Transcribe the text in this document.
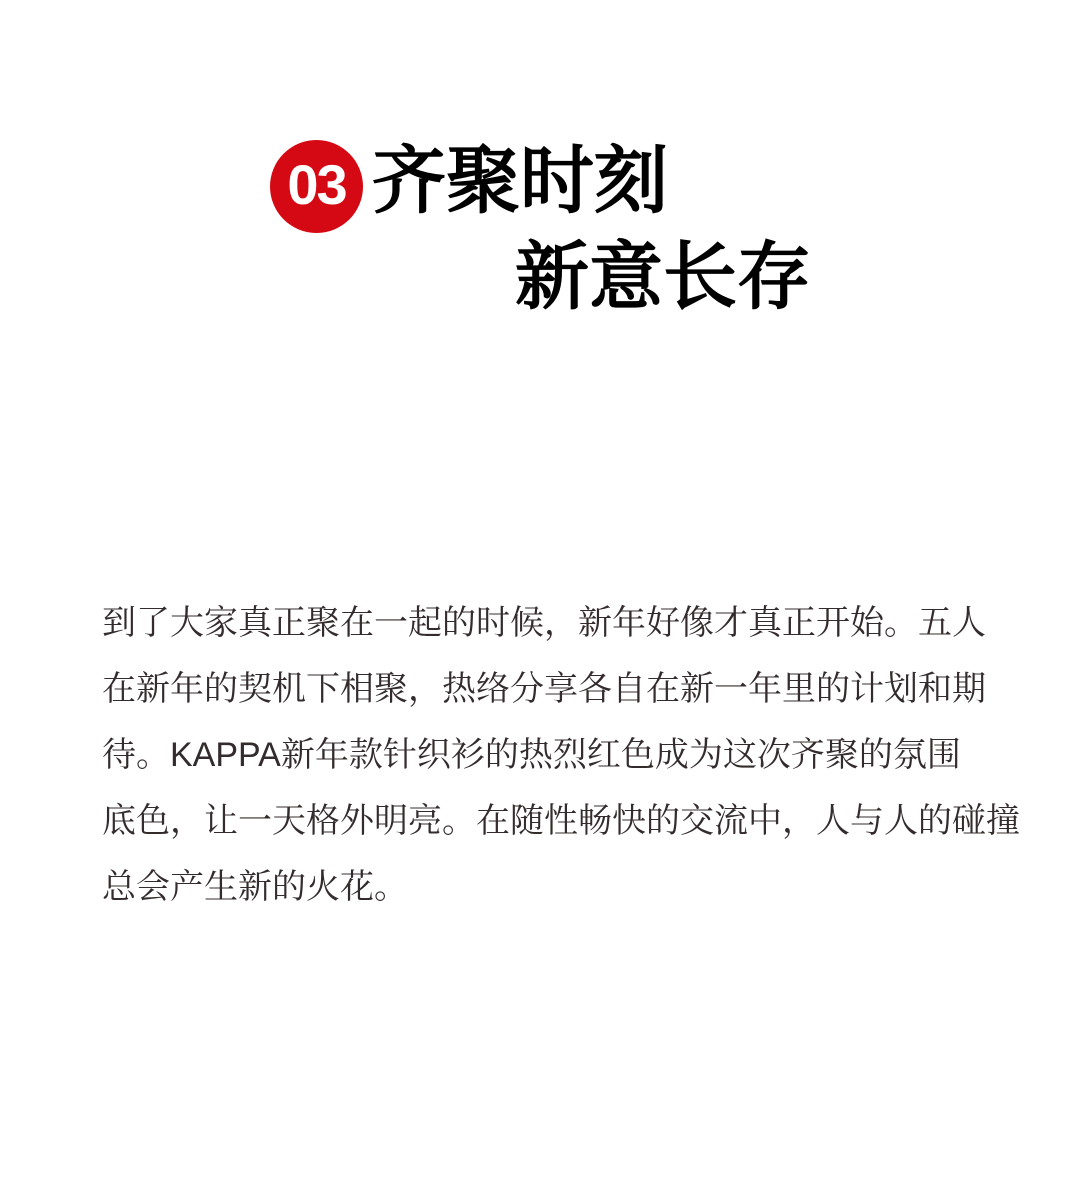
03 齐聚时刻
新意长存
到了大家真正聚在一起的时候，新年好像才真正开始。五人
在新年的契机下相聚，热络分享各自在新一年里的计划和期
待。KAPPA新年款针织衫的热烈红色成为这次齐聚的氛围
底色，让一天格外明亮。在随性畅快的交流中，人与人的碰撞
总会产生新的火花。
